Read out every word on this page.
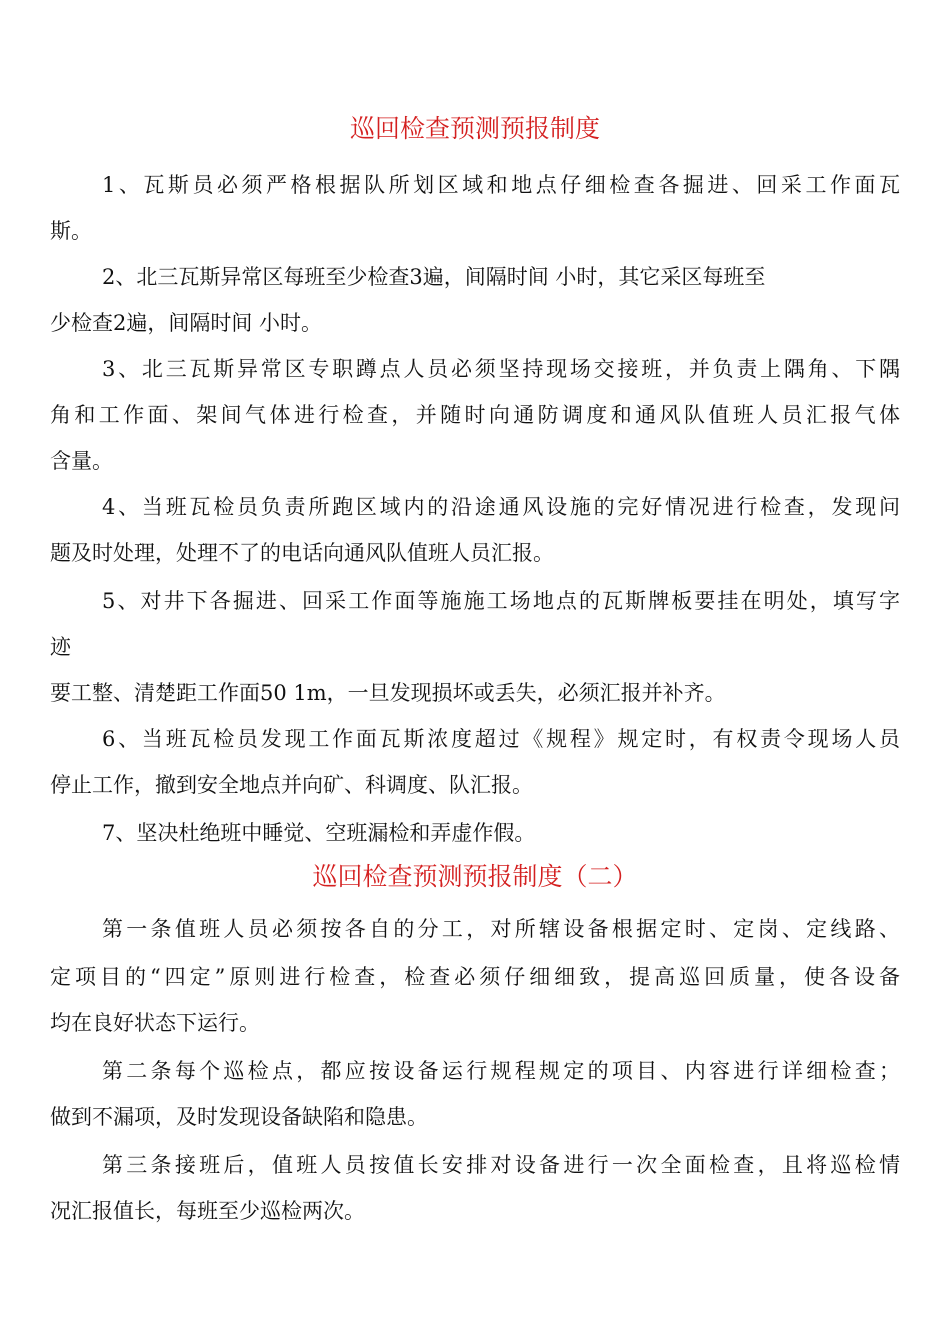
巡回检查预测预报制度
1、瓦斯员必须严格根据队所划区域和地点仔细检查各掘进、回采工作面瓦
斯。
2、北三瓦斯异常区每班至少检查3遍，间隔时间 小时，其它采区每班至
少检查2遍，间隔时间 小时。
3、北三瓦斯异常区专职蹲点人员必须坚持现场交接班，并负责上隅角、下隅
角和工作面、架间气体进行检查，并随时向通防调度和通风队值班人员汇报气体
含量。
4、当班瓦检员负责所跑区域内的沿途通风设施的完好情况进行检查，发现问
题及时处理，处理不了的电话向通风队值班人员汇报。
5、对井下各掘进、回采工作面等施施工场地点的瓦斯牌板要挂在明处，填写字
迹
要工整、清楚距工作面50 1m，一旦发现损坏或丢失，必须汇报并补齐。
6、当班瓦检员发现工作面瓦斯浓度超过《规程》规定时，有权责令现场人员
停止工作，撤到安全地点并向矿、科调度、队汇报。
7、坚决杜绝班中睡觉、空班漏检和弄虚作假。
巡回检查预测预报制度（二）
第一条值班人员必须按各自的分工，对所辖设备根据定时、定岗、定线路、
定项目的“四定”原则进行检查，检查必须仔细细致，提高巡回质量，使各设备
均在良好状态下运行。
第二条每个巡检点，都应按设备运行规程规定的项目、内容进行详细检查；
做到不漏项，及时发现设备缺陷和隐患。
第三条接班后，值班人员按值长安排对设备进行一次全面检查，且将巡检情
况汇报值长，每班至少巡检两次。
